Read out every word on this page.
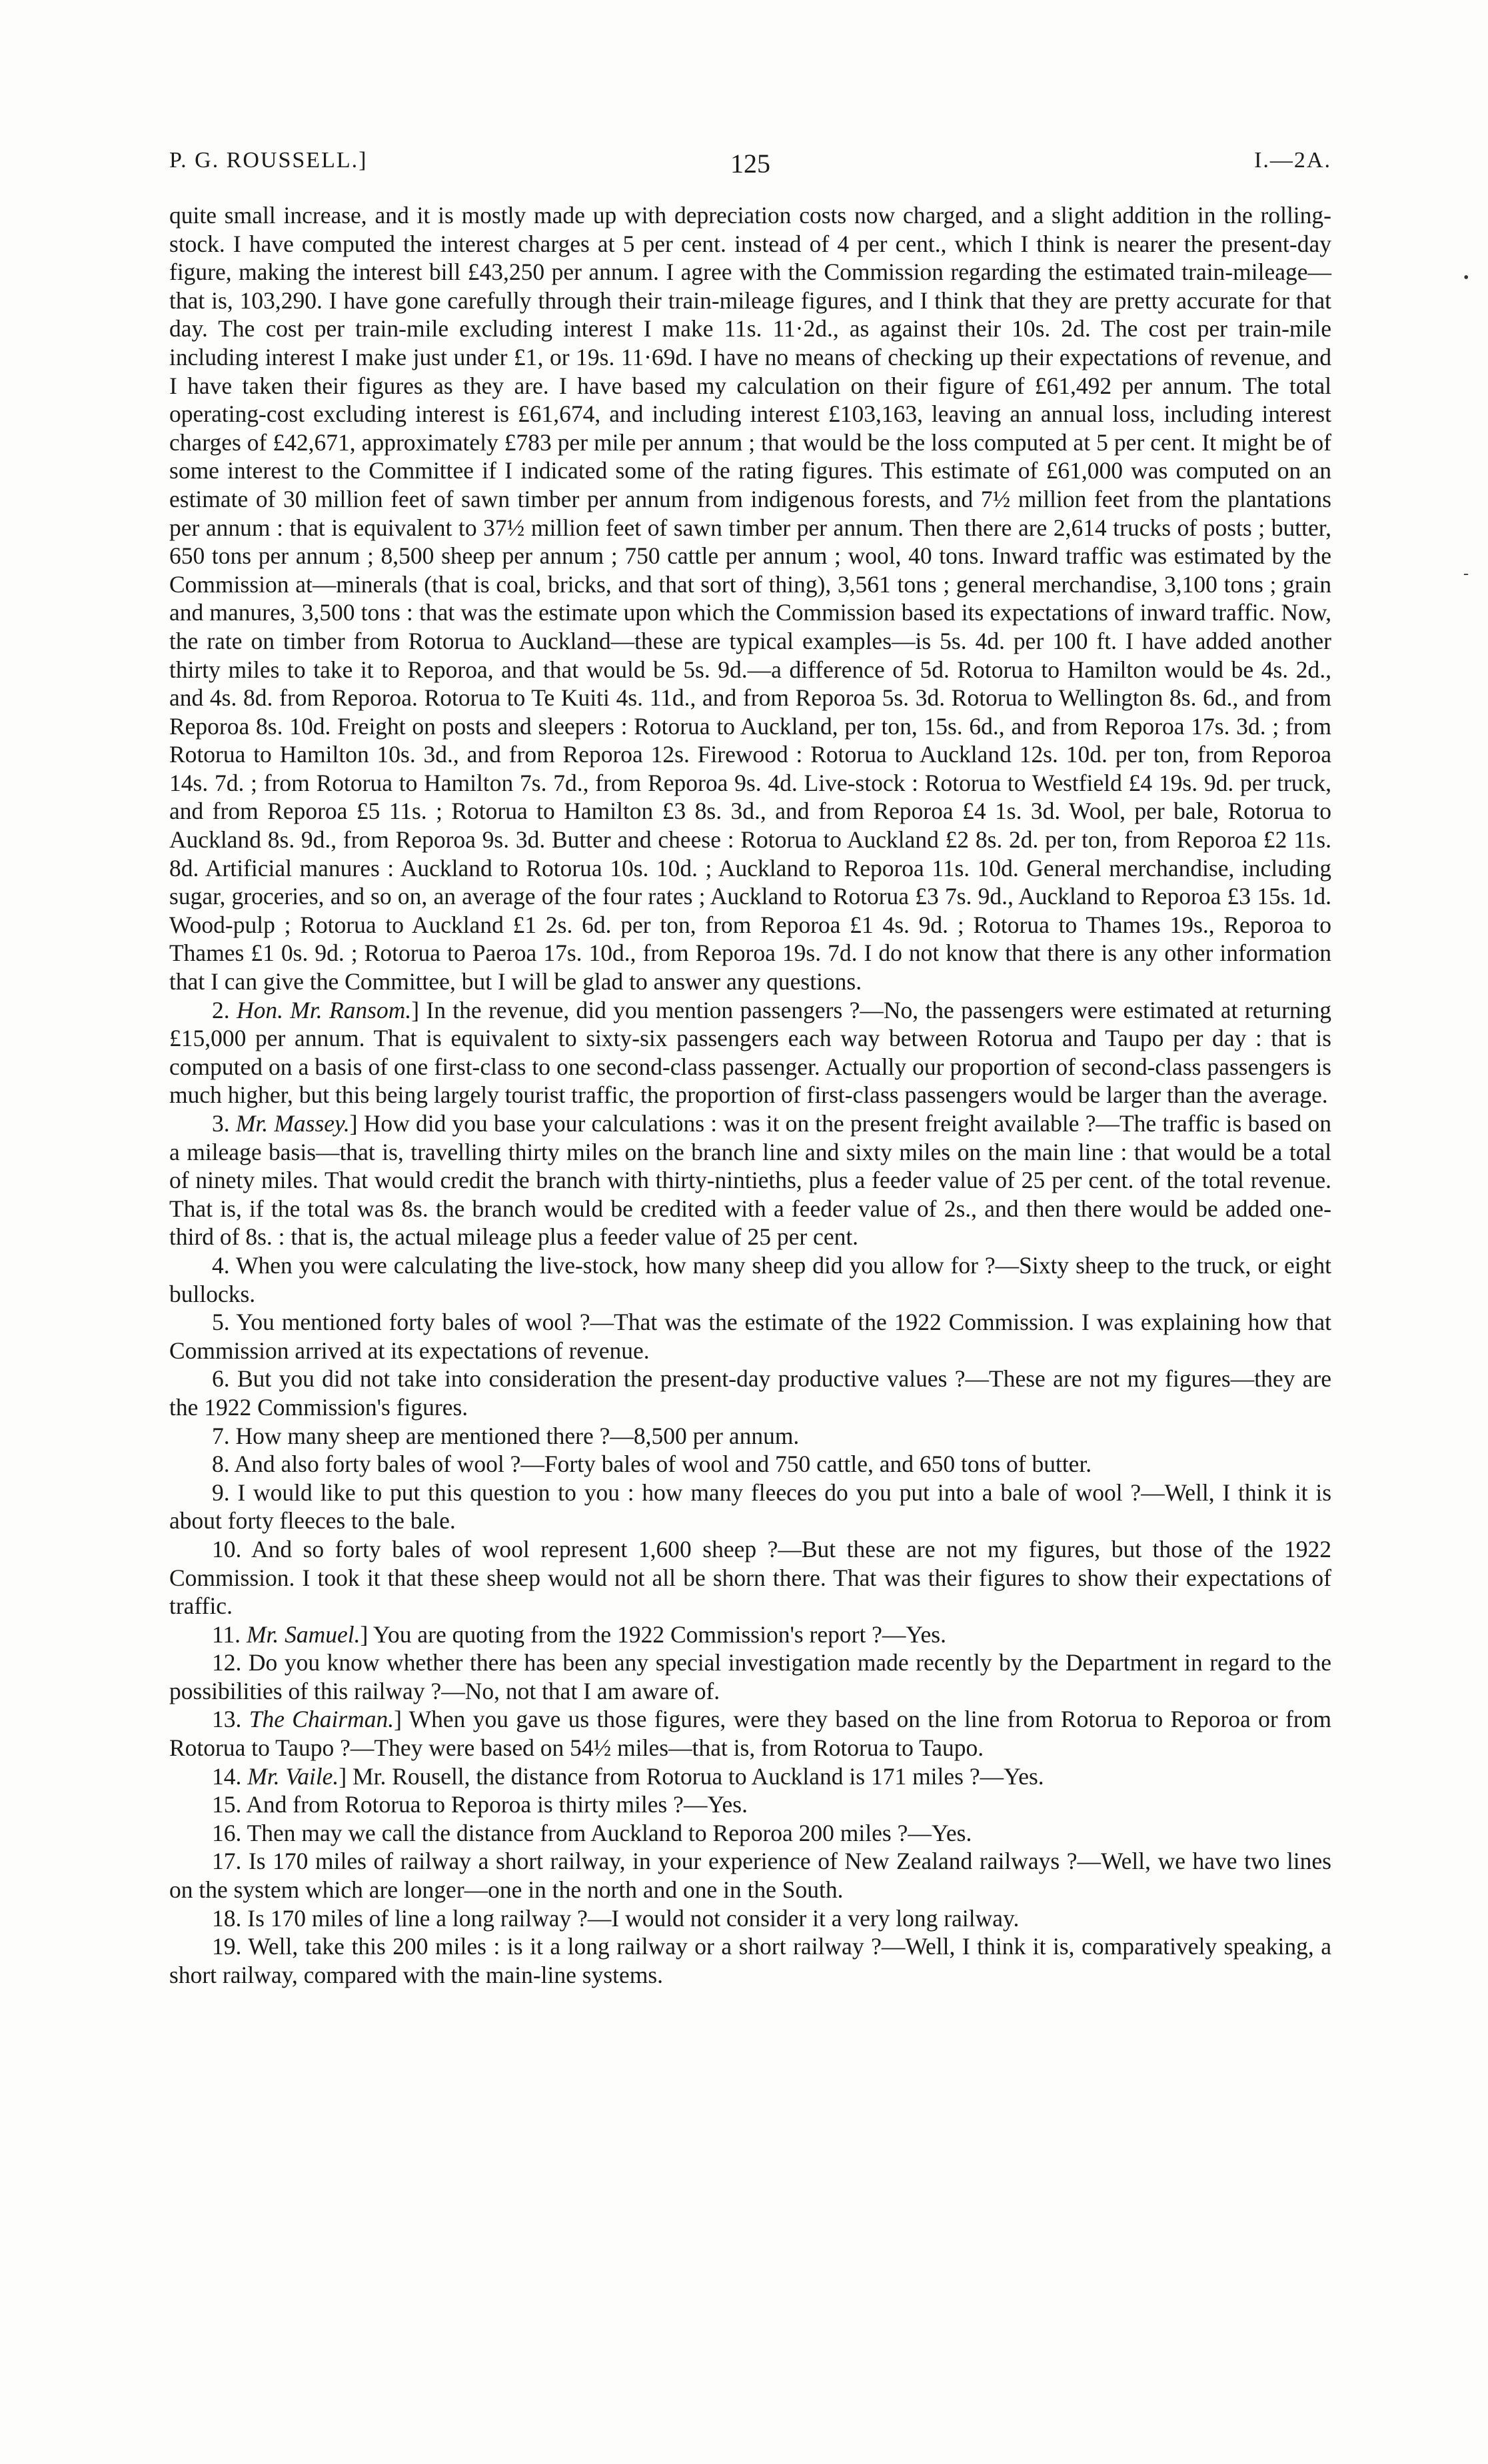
P. G. ROUSSELL.]	125	I.—2A.
•
-

quite small increase, and it is mostly made up with depreciation costs now charged, and a slight addition in the rolling-stock. I have computed the interest charges at 5 per cent. instead of 4 per cent., which I think is nearer the present-day figure, making the interest bill £43,250 per annum. I agree with the Commission regarding the estimated train-mileage—that is, 103,290. I have gone carefully through their train-mileage figures, and I think that they are pretty accurate for that day. The cost per train-mile excluding interest I make 11s. 11·2d., as against their 10s. 2d. The cost per train-mile including interest I make just under £1, or 19s. 11·69d. I have no means of checking up their expectations of revenue, and I have taken their figures as they are. I have based my calculation on their figure of £61,492 per annum. The total operating-cost excluding interest is £61,674, and including interest £103,163, leaving an annual loss, including interest charges of £42,671, approximately £783 per mile per annum ; that would be the loss computed at 5 per cent. It might be of some interest to the Committee if I indicated some of the rating figures. This estimate of £61,000 was computed on an estimate of 30 million feet of sawn timber per annum from indigenous forests, and 7½ million feet from the plantations per annum : that is equivalent to 37½ million feet of sawn timber per annum. Then there are 2,614 trucks of posts ; butter, 650 tons per annum ; 8,500 sheep per annum ; 750 cattle per annum ; wool, 40 tons. Inward traffic was estimated by the Commission at—minerals (that is coal, bricks, and that sort of thing), 3,561 tons ; general merchandise, 3,100 tons ; grain and manures, 3,500 tons : that was the estimate upon which the Commission based its expectations of inward traffic. Now, the rate on timber from Rotorua to Auckland—these are typical examples—is 5s. 4d. per 100 ft. I have added another thirty miles to take it to Reporoa, and that would be 5s. 9d.—a difference of 5d. Rotorua to Hamilton would be 4s. 2d., and 4s. 8d. from Reporoa. Rotorua to Te Kuiti 4s. 11d., and from Reporoa 5s. 3d. Rotorua to Wellington 8s. 6d., and from Reporoa 8s. 10d. Freight on posts and sleepers : Rotorua to Auckland, per ton, 15s. 6d., and from Reporoa 17s. 3d. ; from Rotorua to Hamilton 10s. 3d., and from Reporoa 12s. Firewood : Rotorua to Auckland 12s. 10d. per ton, from Reporoa 14s. 7d. ; from Rotorua to Hamilton 7s. 7d., from Reporoa 9s. 4d. Live-stock : Rotorua to Westfield £4 19s. 9d. per truck, and from Reporoa £5 11s. ; Rotorua to Hamilton £3 8s. 3d., and from Reporoa £4 1s. 3d. Wool, per bale, Rotorua to Auckland 8s. 9d., from Reporoa 9s. 3d. Butter and cheese : Rotorua to Auckland £2 8s. 2d. per ton, from Reporoa £2 11s. 8d. Artificial manures : Auckland to Rotorua 10s. 10d. ; Auckland to Reporoa 11s. 10d. General merchandise, including sugar, groceries, and so on, an average of the four rates ; Auckland to Rotorua £3 7s. 9d., Auckland to Reporoa £3 15s. 1d. Wood-pulp ; Rotorua to Auckland £1 2s. 6d. per ton, from Reporoa £1 4s. 9d. ; Rotorua to Thames 19s., Reporoa to Thames £1 0s. 9d. ; Rotorua to Paeroa 17s. 10d., from Reporoa 19s. 7d. I do not know that there is any other information that I can give the Committee, but I will be glad to answer any questions.

2. Hon. Mr. Ransom.] In the revenue, did you mention passengers ?—No, the passengers were estimated at returning £15,000 per annum. That is equivalent to sixty-six passengers each way between Rotorua and Taupo per day : that is computed on a basis of one first-class to one second-class passenger. Actually our proportion of second-class passengers is much higher, but this being largely tourist traffic, the proportion of first-class passengers would be larger than the average.

3. Mr. Massey.] How did you base your calculations : was it on the present freight available ?—The traffic is based on a mileage basis—that is, travelling thirty miles on the branch line and sixty miles on the main line : that would be a total of ninety miles. That would credit the branch with thirty-nintieths, plus a feeder value of 25 per cent. of the total revenue. That is, if the total was 8s. the branch would be credited with a feeder value of 2s., and then there would be added one-third of 8s. : that is, the actual mileage plus a feeder value of 25 per cent.

4. When you were calculating the live-stock, how many sheep did you allow for ?—Sixty sheep to the truck, or eight bullocks.

5. You mentioned forty bales of wool ?—That was the estimate of the 1922 Commission. I was explaining how that Commission arrived at its expectations of revenue.

6. But you did not take into consideration the present-day productive values ?—These are not my figures—they are the 1922 Commission's figures.

7. How many sheep are mentioned there ?—8,500 per annum.

8. And also forty bales of wool ?—Forty bales of wool and 750 cattle, and 650 tons of butter.

9. I would like to put this question to you : how many fleeces do you put into a bale of wool ?—Well, I think it is about forty fleeces to the bale.

10. And so forty bales of wool represent 1,600 sheep ?—But these are not my figures, but those of the 1922 Commission. I took it that these sheep would not all be shorn there. That was their figures to show their expectations of traffic.

11. Mr. Samuel.] You are quoting from the 1922 Commission's report ?—Yes.

12. Do you know whether there has been any special investigation made recently by the Department in regard to the possibilities of this railway ?—No, not that I am aware of.

13. The Chairman.] When you gave us those figures, were they based on the line from Rotorua to Reporoa or from Rotorua to Taupo ?—They were based on 54½ miles—that is, from Rotorua to Taupo.

14. Mr. Vaile.] Mr. Rousell, the distance from Rotorua to Auckland is 171 miles ?—Yes.

15. And from Rotorua to Reporoa is thirty miles ?—Yes.

16. Then may we call the distance from Auckland to Reporoa 200 miles ?—Yes.

17. Is 170 miles of railway a short railway, in your experience of New Zealand railways ?—Well, we have two lines on the system which are longer—one in the north and one in the South.

18. Is 170 miles of line a long railway ?—I would not consider it a very long railway.

19. Well, take this 200 miles : is it a long railway or a short railway ?—Well, I think it is, comparatively speaking, a short railway, compared with the main-line systems.
